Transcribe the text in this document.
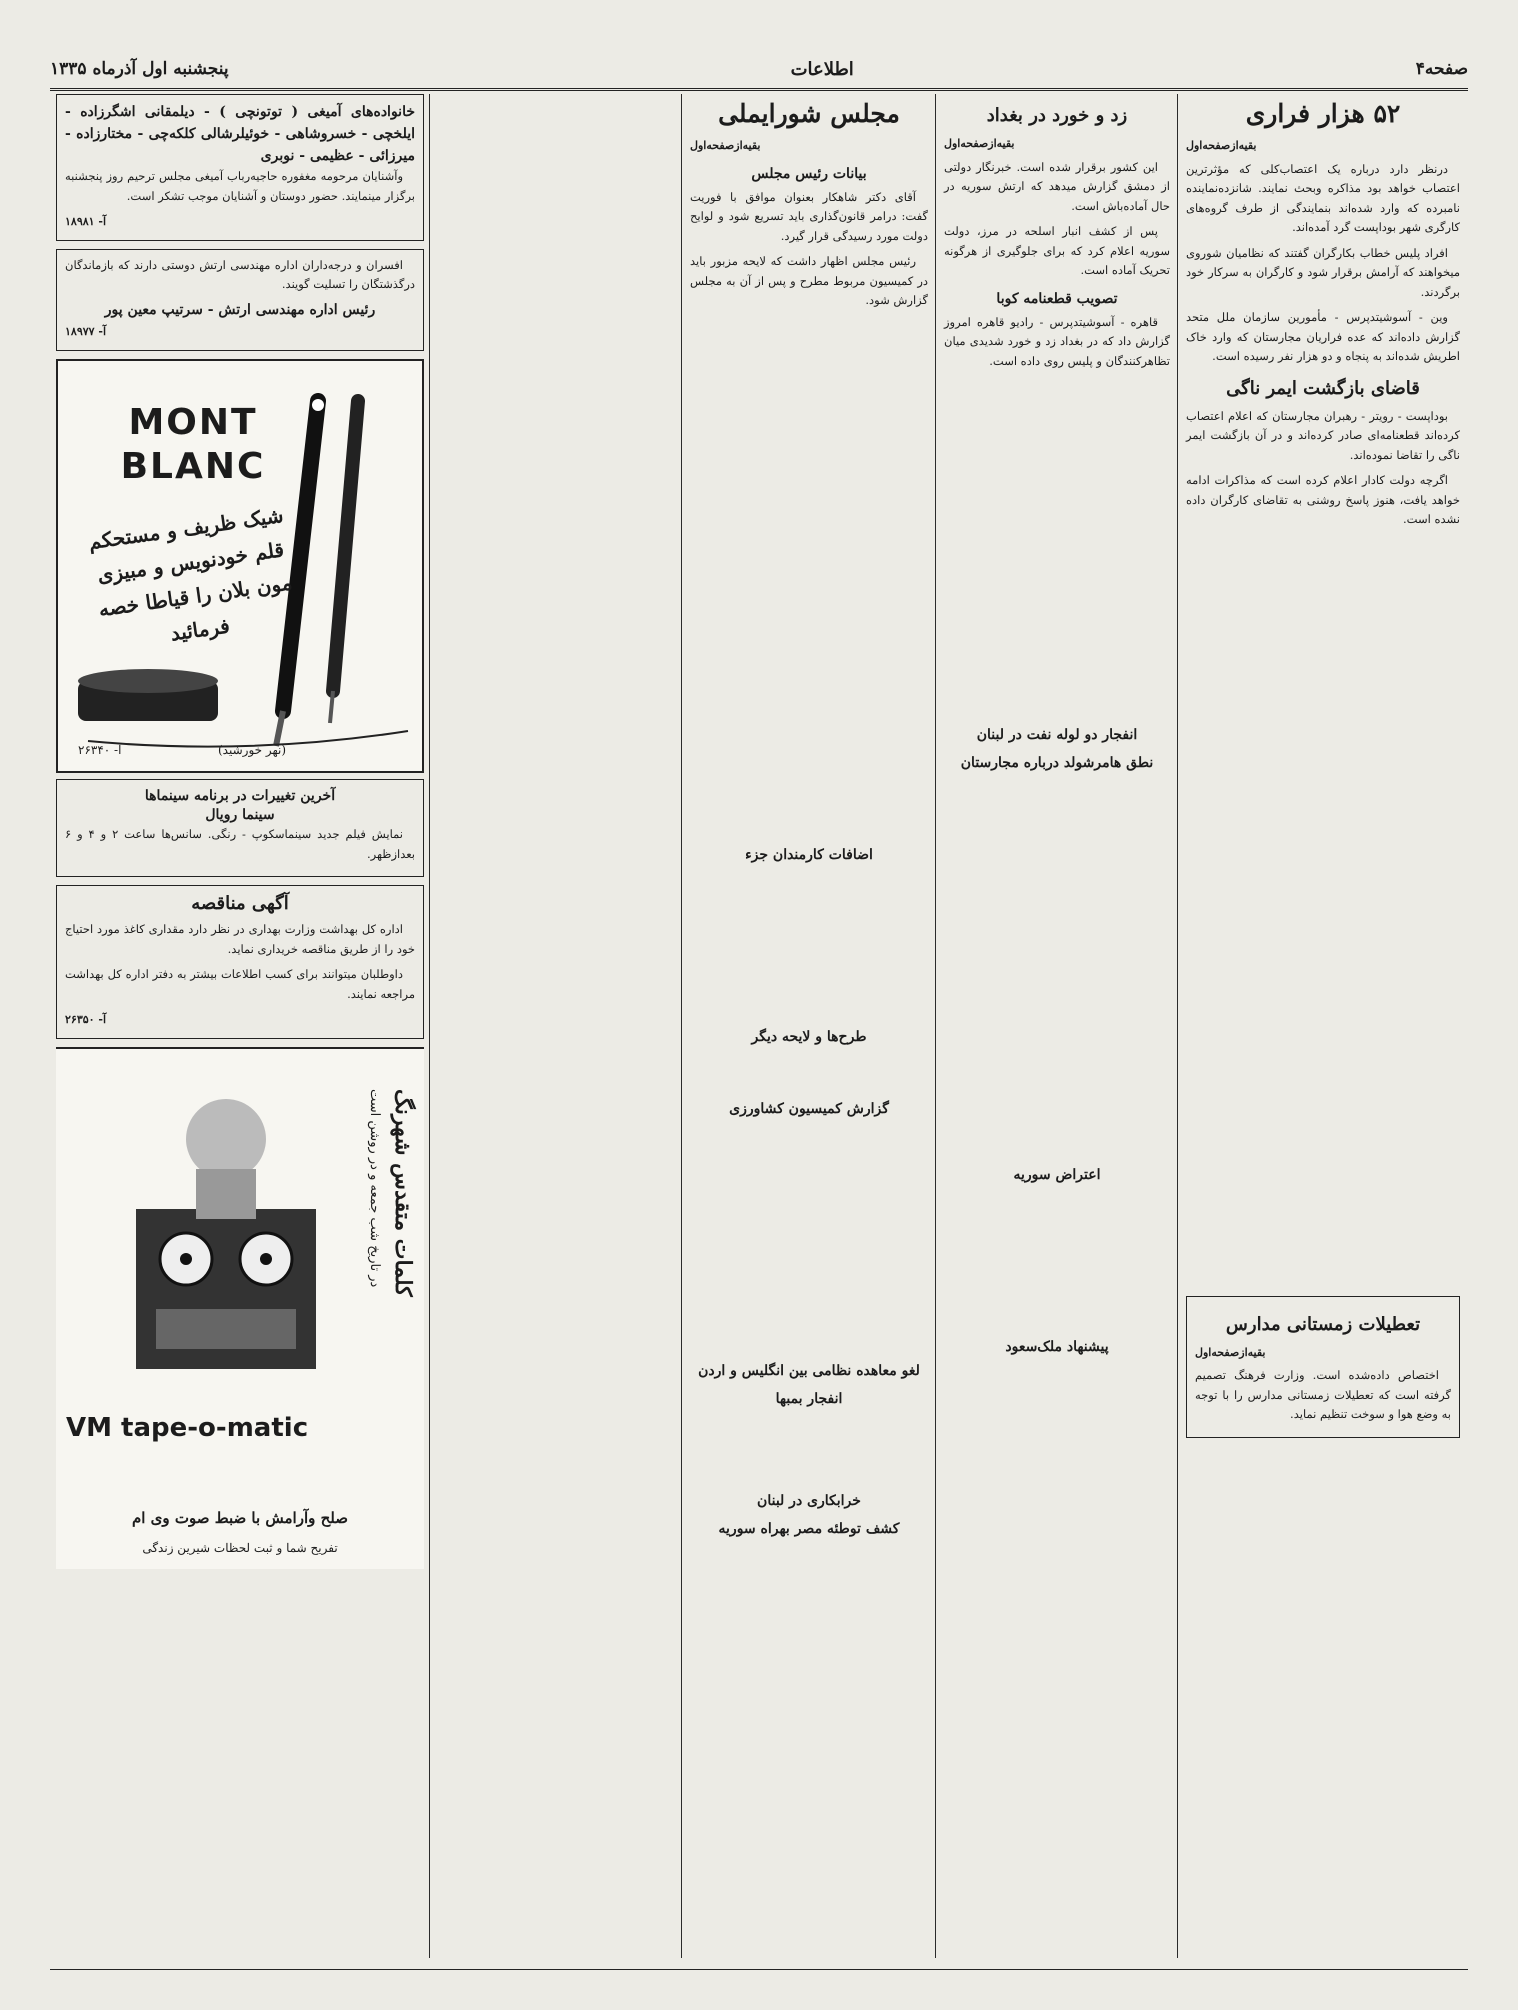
صفحه۴
اطلاعات
پنجشنبه اول آذرماه ۱۳۳۵
۵۲ هزار فراری
بقیه‌ازصفحه‌اول

درنظر دارد درباره یک اعتصاب‌کلی که مؤثرترین اعتصاب خواهد بود مذاکره وبحث نمایند. شانزده‌نماینده نامبرده که وارد شده‌اند بنمایندگی از طرف گروه‌های کارگری شهر بوداپست گرد آمده‌اند.

افراد پلیس خطاب بکارگران گفتند که نظامیان شوروی میخواهند که آرامش برقرار شود و کارگران به سرکار خود برگردند.

وین - آسوشیتدپرس - مأمورین سازمان ملل متحد گزارش داده‌اند که عده فراریان مجارستان که وارد خاک اطریش شده‌اند به پنجاه و دو هزار نفر رسیده است.

قاضای بازگشت ایمر ناگی

بوداپست - رویتر - رهبران مجارستان که اعلام اعتصاب کرده‌اند قطعنامه‌ای صادر کرده‌اند و در آن بازگشت ایمر ناگی را تقاضا نموده‌اند.

اگرچه دولت کادار اعلام کرده است که مذاکرات ادامه خواهد یافت، هنوز پاسخ روشنی به تقاضای کارگران داده نشده است.

تعطیلات زمستانی مدارس
بقیه‌ازصفحه‌اول

اختصاص داده‌شده است. وزارت فرهنگ تصمیم گرفته است که تعطیلات زمستانی مدارس را با توجه به وضع هوا و سوخت تنظیم نماید.

زد و خورد در بغداد
بقیه‌ازصفحه‌اول

این کشور برقرار شده است. خبرنگار دولتی از دمشق گزارش میدهد که ارتش سوریه در حال آماده‌باش است.

پس از کشف انبار اسلحه در مرز، دولت سوریه اعلام کرد که برای جلوگیری از هرگونه تحریک آماده است.

تصویب قطعنامه کوبا

قاهره - آسوشیتدپرس - رادیو قاهره امروز گزارش داد که در بغداد زد و خورد شدیدی میان تظاهرکنندگان و پلیس روی داده است.

انفجار دو لوله نفت در لبنان
نطق هامرشولد درباره مجارستان
اعتراض سوریه
پیشنهاد ملک‌سعود
مجلس شورایملی
بقیه‌ازصفحه‌اول
بیانات رئیس مجلس

آقای دکتر شاهکار بعنوان موافق با فوریت گفت: درامر قانون‌گذاری باید تسریع شود و لوایح دولت مورد رسیدگی قرار گیرد.

رئیس مجلس اظهار داشت که لایحه مزبور باید در کمیسیون مربوط مطرح و پس از آن به مجلس گزارش شود.

اضافات کارمندان جزء
طرح‌ها و لایحه‌ دیگر
گزارش کمیسیون کشاورزی
لغو معاهده نظامی بین انگلیس و اردن
انفجار بمبها
خرابکاری در لبنان
کشف توطئه مصر بهراه سوریه
خانواده‌های آمیغی ( توتونچی ) - دیلمقانی اشگرزاده - ایلخچی - خسروشاهی - خوئیلرشالی کلکه‌چی - مختارزاده - میرزائی - عظیمی - نوبری

وآشنایان مرحومه مغفوره حاجیه‌رباب آمیغی مجلس ترحیم روز پنجشنبه برگزار مینمایند. حضور دوستان و آشنایان موجب تشکر است.

آ- ۱۸۹۸۱

افسران و درجه‌داران اداره مهندسی ارتش دوستی دارند که بازماندگان درگذشتگان را تسلیت گویند.

رئیس اداره مهندسی ارتش - سرتیپ معین پور
آ- ۱۸۹۷۷
MONT BLANC
شیک ظریف و مستحکم قلم خودنویس و مبیزی مون بلان را قیاطا خصه فرمائید
(نهر خورشید)
آ- ۲۶۳۴۰
آخرین تغییرات در برنامه سینماها
سینما رویال

نمایش فیلم جدید سینماسکوپ - رنگی. سانس‌ها ساعت ۲ و ۴ و ۶ بعدازظهر.

آگهی مناقصه

اداره کل بهداشت وزارت بهداری در نظر دارد مقداری کاغذ مورد احتیاج خود را از طریق مناقصه خریداری نماید.

داوطلبان میتوانند برای کسب اطلاعات بیشتر به دفتر اداره کل بهداشت مراجعه نمایند.

آ- ۲۶۳۵۰
کلمات متقدس شهرنگ
در تاریخ شب جمعه و در روشن است
VM tape-o-matic
صلح وآرامش با ضبط صوت وی ام
تفریح شما و ثبت لحظات شیرین زندگی
